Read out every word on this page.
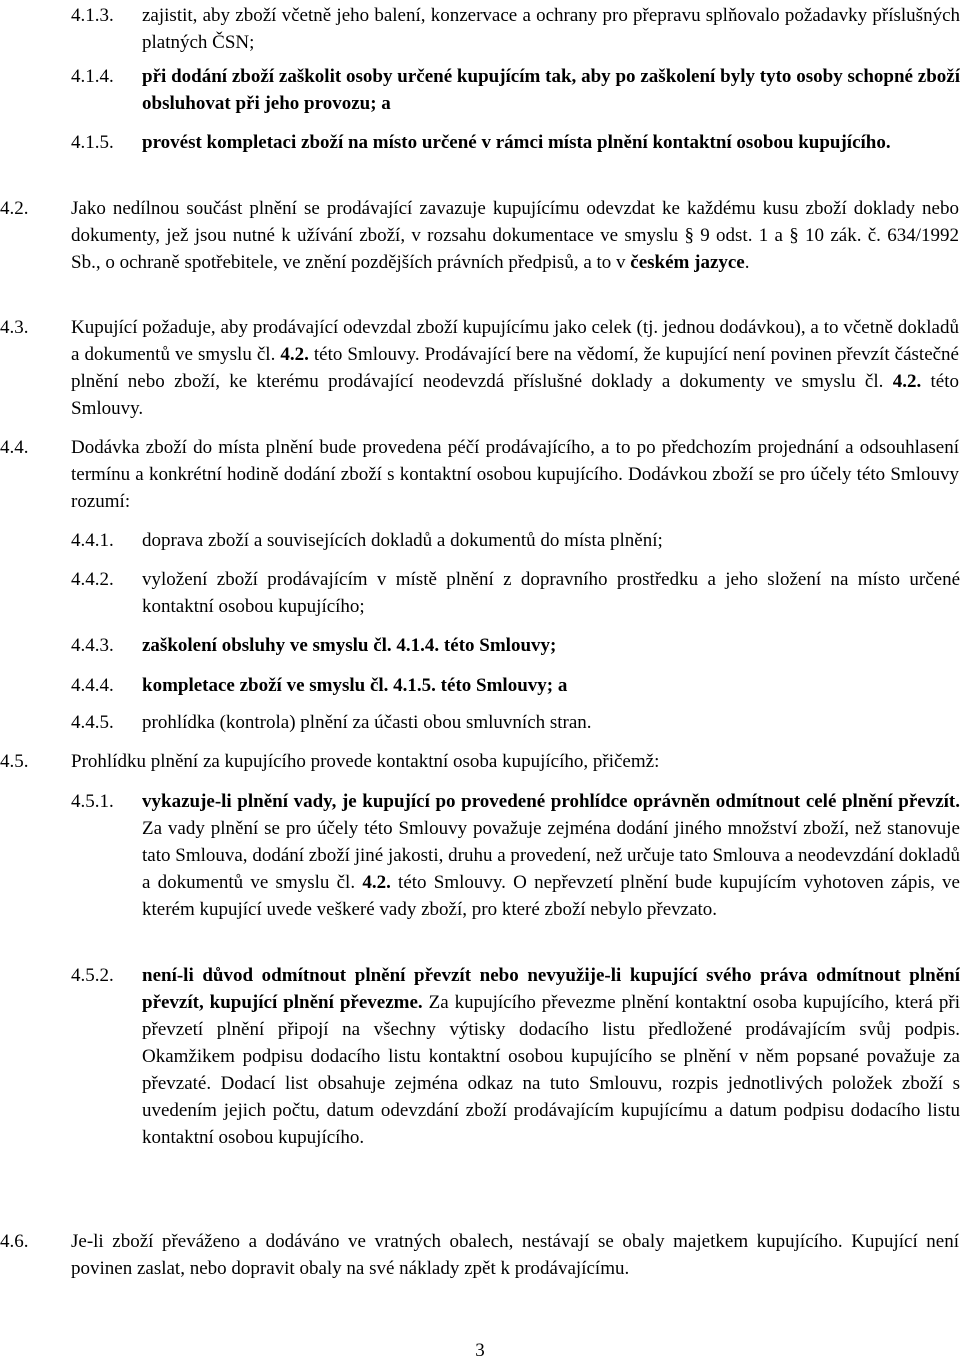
4.1.3.	zajistit, aby zboží včetně jeho balení, konzervace a ochrany pro přepravu splňovalo požadavky příslušných platných ČSN;
4.1.4.	při dodání zboží zaškolit osoby určené kupujícím tak, aby po zaškolení byly tyto osoby schopné zboží obsluhovat při jeho provozu; a
4.1.5.	provést kompletaci zboží na místo určené v rámci místa plnění kontaktní osobou kupujícího.
4.2.	Jako nedílnou součást plnění se prodávající zavazuje kupujícímu odevzdat ke každému kusu zboží doklady nebo dokumenty, jež jsou nutné k užívání zboží, v rozsahu dokumentace ve smyslu § 9 odst. 1 a § 10 zák. č. 634/1992 Sb., o ochraně spotřebitele, ve znění pozdějších právních předpisů, a to v českém jazyce.
4.3.	Kupující požaduje, aby prodávající odevzdal zboží kupujícímu jako celek (tj. jednou dodávkou), a to včetně dokladů a dokumentů ve smyslu čl. 4.2. této Smlouvy. Prodávající bere na vědomí, že kupující není povinen převzít částečné plnění nebo zboží, ke kterému prodávající neodevzdá příslušné doklady a dokumenty ve smyslu čl. 4.2. této Smlouvy.
4.4.	Dodávka zboží do místa plnění bude provedena péčí prodávajícího, a to po předchozím projednání a odsouhlasení termínu a konkrétní hodině dodání zboží s kontaktní osobou kupujícího. Dodávkou zboží se pro účely této Smlouvy rozumí:
4.4.1.	doprava zboží a souvisejících dokladů a dokumentů do místa plnění;
4.4.2.	vyložení zboží prodávajícím v místě plnění z dopravního prostředku a jeho složení na místo určené kontaktní osobou kupujícího;
4.4.3.	zaškolení obsluhy ve smyslu čl. 4.1.4. této Smlouvy;
4.4.4.	kompletace zboží ve smyslu čl. 4.1.5. této Smlouvy; a
4.4.5.	prohlídka (kontrola) plnění za účasti obou smluvních stran.
4.5.	Prohlídku plnění za kupujícího provede kontaktní osoba kupujícího, přičemž:
4.5.1.	vykazuje-li plnění vady, je kupující po provedené prohlídce oprávněn odmítnout celé plnění převzít. Za vady plnění se pro účely této Smlouvy považuje zejména dodání jiného množství zboží, než stanovuje tato Smlouva, dodání zboží jiné jakosti, druhu a provedení, než určuje tato Smlouva a neodevzdání dokladů a dokumentů ve smyslu čl. 4.2. této Smlouvy. O nepřevzetí plnění bude kupujícím vyhotoven zápis, ve kterém kupující uvede veškeré vady zboží, pro které zboží nebylo převzato.
4.5.2.	není-li důvod odmítnout plnění převzít nebo nevyužije-li kupující svého práva odmítnout plnění převzít, kupující plnění převezme. Za kupujícího převezme plnění kontaktní osoba kupujícího, která při převzetí plnění připojí na všechny výtisky dodacího listu předložené prodávajícím svůj podpis. Okamžikem podpisu dodacího listu kontaktní osobou kupujícího se plnění v něm popsané považuje za převzaté. Dodací list obsahuje zejména odkaz na tuto Smlouvu, rozpis jednotlivých položek zboží s uvedením jejich počtu, datum odevzdání zboží prodávajícím kupujícímu a datum podpisu dodacího listu kontaktní osobou kupujícího.
4.6.	Je-li zboží převáženo a dodáváno ve vratných obalech, nestávají se obaly majetkem kupujícího. Kupující není povinen zaslat, nebo dopravit obaly na své náklady zpět k prodávajícímu.
3
